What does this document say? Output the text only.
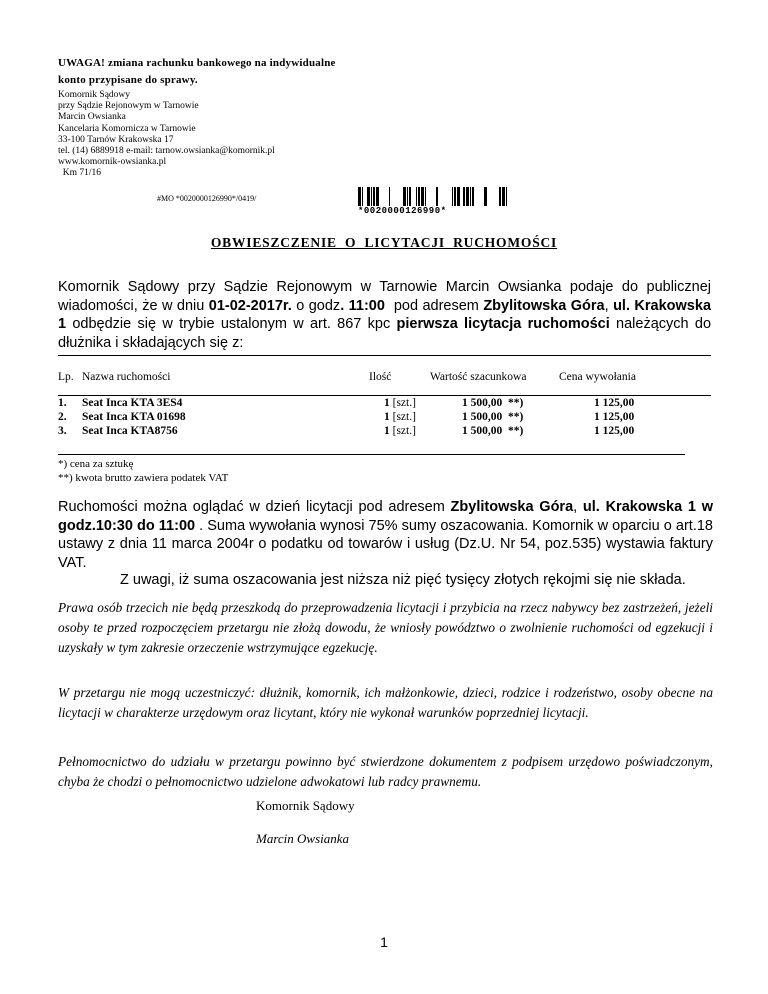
UWAGA! zmiana rachunku bankowego na indywidualne
konto przypisane do sprawy.
Komornik Sądowy
przy Sądzie Rejonowym w Tarnowie
Marcin Owsianka
Kancelaria Komornicza w Tarnowie
33-100 Tarnów Krakowska 17
tel. (14) 6889918 e-mail: tarnow.owsianka@komornik.pl
www.komornik-owsianka.pl
Km 71/16
#MO *0020000126990*/0419/
*0020000126990*
OBWIESZCZENIE O LICYTACJI RUCHOMOŚCI
Komornik Sądowy przy Sądzie Rejonowym w Tarnowie Marcin Owsianka podaje do publicznej wiadomości, że w dniu 01-02-2017r. o godz. 11:00  pod adresem Zbylitowska Góra, ul. Krakowska 1 odbędzie się w trybie ustalonym w art. 867 kpc pierwsza licytacja ruchomości należących do dłużnika i składających się z:
Lp. Nazwa ruchomości	Ilość	Wartość szacunkowa	Cena wywołania
1. Seat Inca KTA 3ES4	1 [szt.]	1 500,00  **)	1 125,00
2. Seat Inca KTA 01698	1 [szt.]	1 500,00  **)	1 125,00
3. Seat Inca KTA8756	1 [szt.]	1 500,00  **)	1 125,00
*) cena za sztukę
**) kwota brutto zawiera podatek VAT
Ruchomości można oglądać w dzień licytacji pod adresem Zbylitowska Góra, ul. Krakowska 1 w godz.10:30 do 11:00 . Suma wywołania wynosi 75% sumy oszacowania. Komornik w oparciu o art.18 ustawy z dnia 11 marca 2004r o podatku od towarów i usług (Dz.U. Nr 54, poz.535) wystawia faktury VAT.
Z uwagi, iż suma oszacowania jest niższa niż pięć tysięcy złotych rękojmi się nie składa.
Prawa osób trzecich nie będą przeszkodą do przeprowadzenia licytacji i przybicia na rzecz nabywcy bez zastrzeżeń, jeżeli osoby te przed rozpoczęciem przetargu nie złożą dowodu, że wniosły powództwo o zwolnienie ruchomości od egzekucji i uzyskały w tym zakresie orzeczenie wstrzymujące egzekucję.
W przetargu nie mogą uczestniczyć: dłużnik, komornik, ich małżonkowie, dzieci, rodzice i rodzeństwo, osoby obecne na licytacji w charakterze urzędowym oraz licytant, który nie wykonał warunków poprzedniej licytacji.
Pełnomocnictwo do udziału w przetargu powinno być stwierdzone dokumentem z podpisem urzędowo poświadczonym, chyba że chodzi o pełnomocnictwo udzielone adwokatowi lub radcy prawnemu.
Komornik Sądowy
Marcin Owsianka
1
